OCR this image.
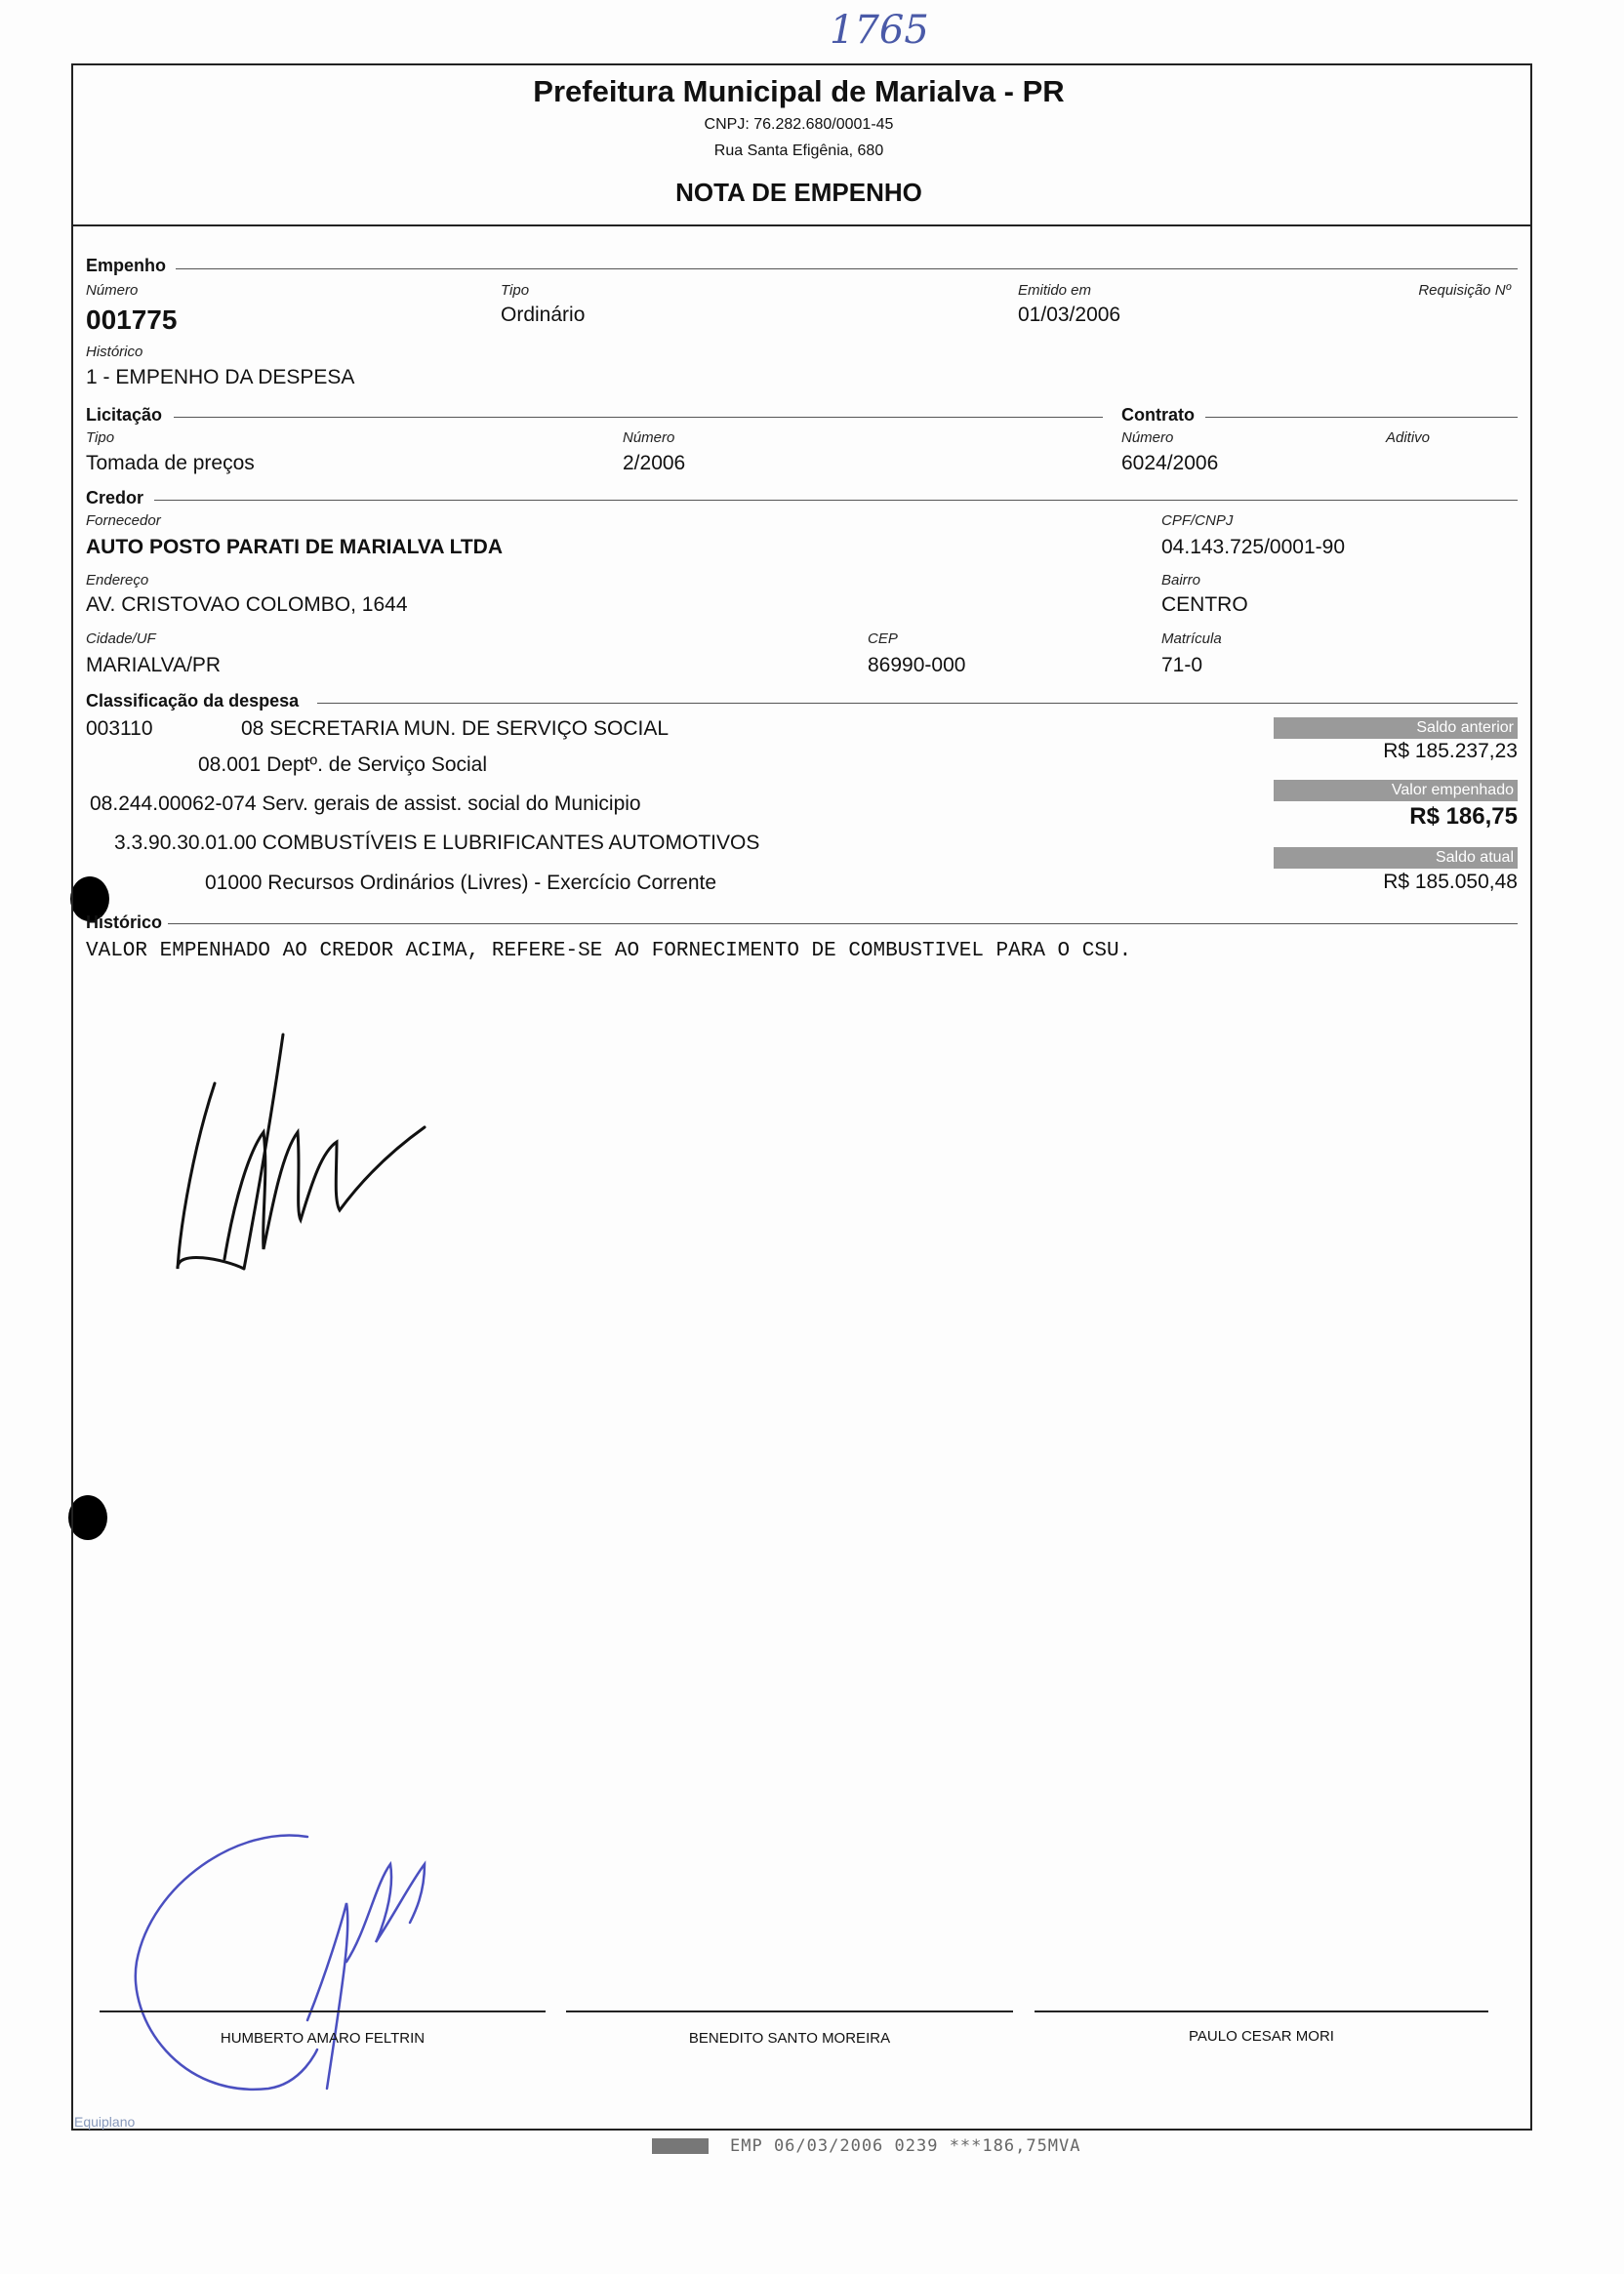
1765
Prefeitura Municipal de Marialva - PR
CNPJ: 76.282.680/0001-45
Rua Santa Efigênia, 680
NOTA DE EMPENHO
Empenho
Número
001775
Tipo
Ordinário
Emitido em
01/03/2006
Requisição Nº
Histórico
1 - EMPENHO DA DESPESA
Licitação	Contrato
Tipo
Tomada de preços
Número
2/2006
Número
6024/2006
Aditivo
Credor
Fornecedor
AUTO POSTO PARATI DE MARIALVA LTDA
CPF/CNPJ
04.143.725/0001-90
Endereço
AV. CRISTOVAO COLOMBO, 1644
Bairro
CENTRO
Cidade/UF
MARIALVA/PR
CEP
86990-000
Matrícula
71-0
Classificação da despesa
003110	08 SECRETARIA MUN. DE SERVIÇO SOCIAL
08.001 Deptº. de Serviço Social
08.244.00062-074 Serv. gerais de assist. social do Municipio
3.3.90.30.01.00 COMBUSTÍVEIS E LUBRIFICANTES AUTOMOTIVOS
01000 Recursos Ordinários (Livres) - Exercício Corrente
Saldo anterior
R$ 185.237,23
Valor empenhado
R$ 186,75
Saldo atual
R$ 185.050,48
Histórico
VALOR EMPENHADO AO CREDOR ACIMA, REFERE-SE AO FORNECIMENTO DE COMBUSTIVEL PARA O CSU.
HUMBERTO AMARO FELTRIN	BENEDITO SANTO MOREIRA	PAULO CESAR MORI
Equiplano
EMP 06/03/2006 0239 ***186,75MVA
